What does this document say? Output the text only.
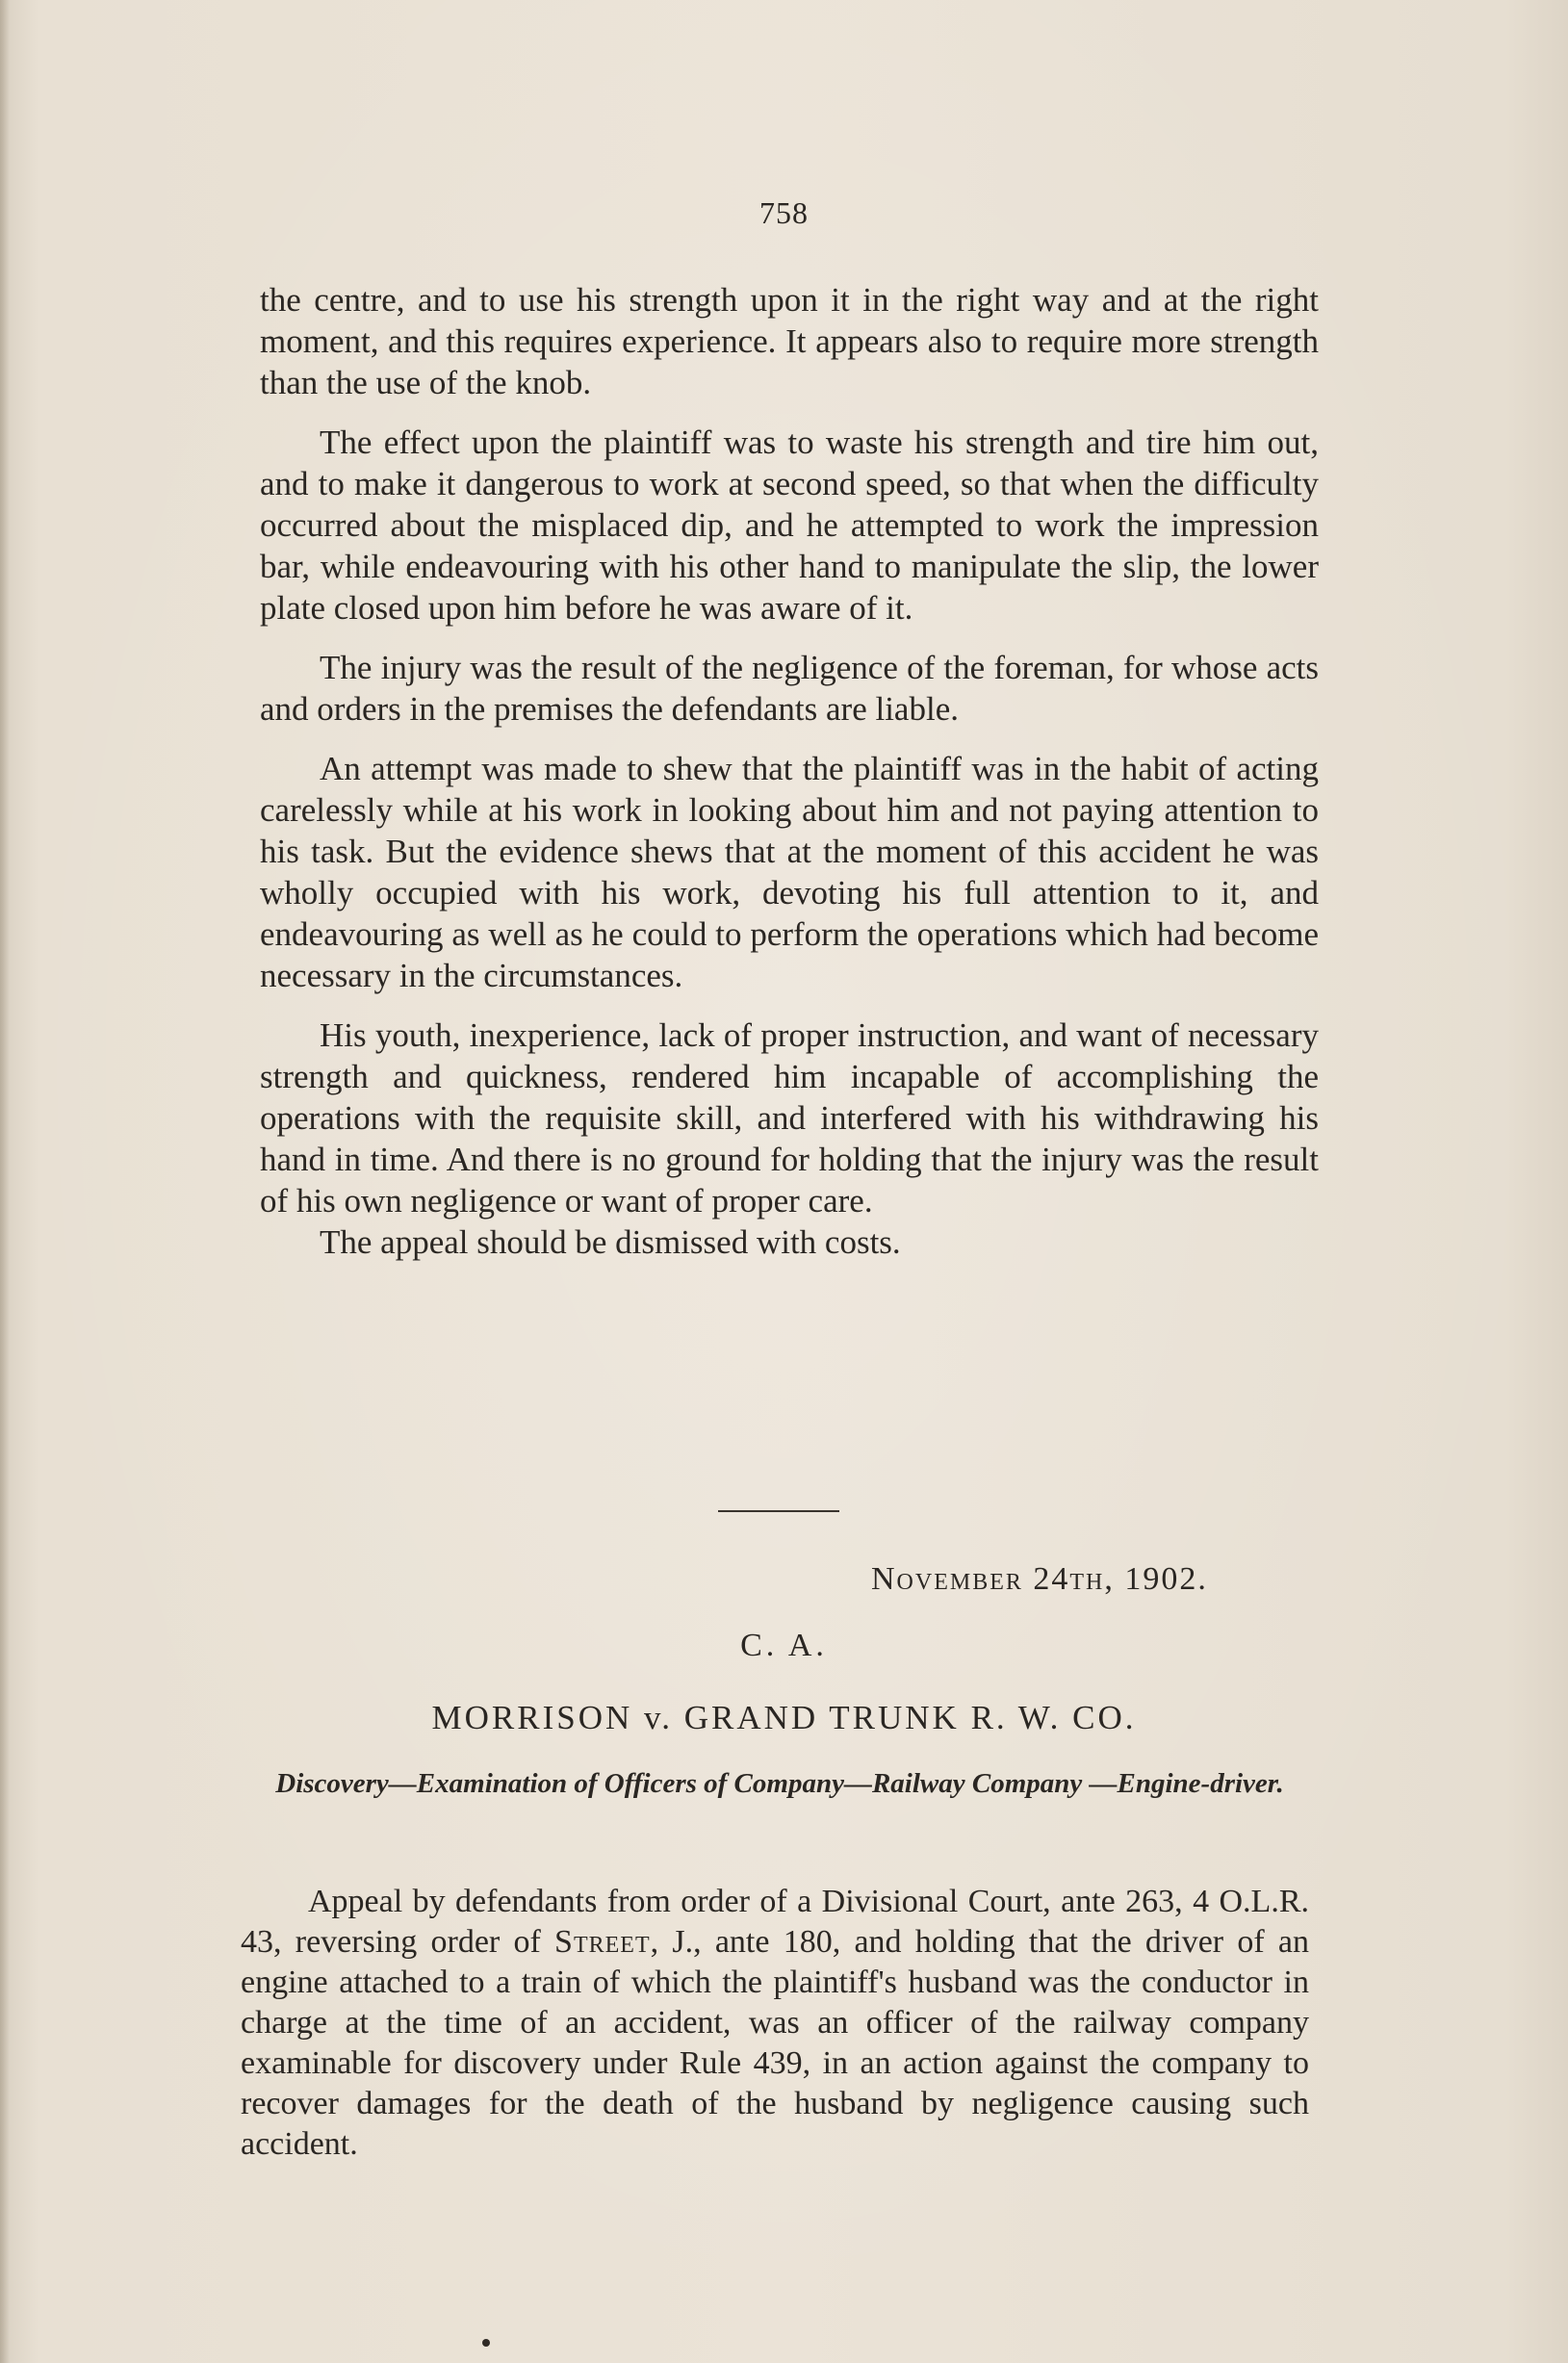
758

the centre, and to use his strength upon it in the right way and at the right moment, and this requires experience. It appears also to require more strength than the use of the knob.

The effect upon the plaintiff was to waste his strength and tire him out, and to make it dangerous to work at second speed, so that when the difficulty occurred about the misplaced dip, and he attempted to work the impression bar, while endeavouring with his other hand to manipulate the slip, the lower plate closed upon him before he was aware of it.

The injury was the result of the negligence of the foreman, for whose acts and orders in the premises the defendants are liable.

An attempt was made to shew that the plaintiff was in the habit of acting carelessly while at his work in looking about him and not paying attention to his task. But the evidence shews that at the moment of this accident he was wholly occupied with his work, devoting his full attention to it, and endeavouring as well as he could to perform the operations which had become necessary in the circumstances.

His youth, inexperience, lack of proper instruction, and want of necessary strength and quickness, rendered him incapable of accomplishing the operations with the requisite skill, and interfered with his withdrawing his hand in time. And there is no ground for holding that the injury was the result of his own negligence or want of proper care.

The appeal should be dismissed with costs.

November 24th, 1902.
C. A.
MORRISON v. GRAND TRUNK R. W. CO.
Discovery—Examination of Officers of Company—Railway Company —Engine-driver.

Appeal by defendants from order of a Divisional Court, ante 263, 4 O.L.R. 43, reversing order of Street, J., ante 180, and holding that the driver of an engine attached to a train of which the plaintiff's husband was the conductor in charge at the time of an accident, was an officer of the railway company examinable for discovery under Rule 439, in an action against the company to recover damages for the death of the husband by negligence causing such accident.
